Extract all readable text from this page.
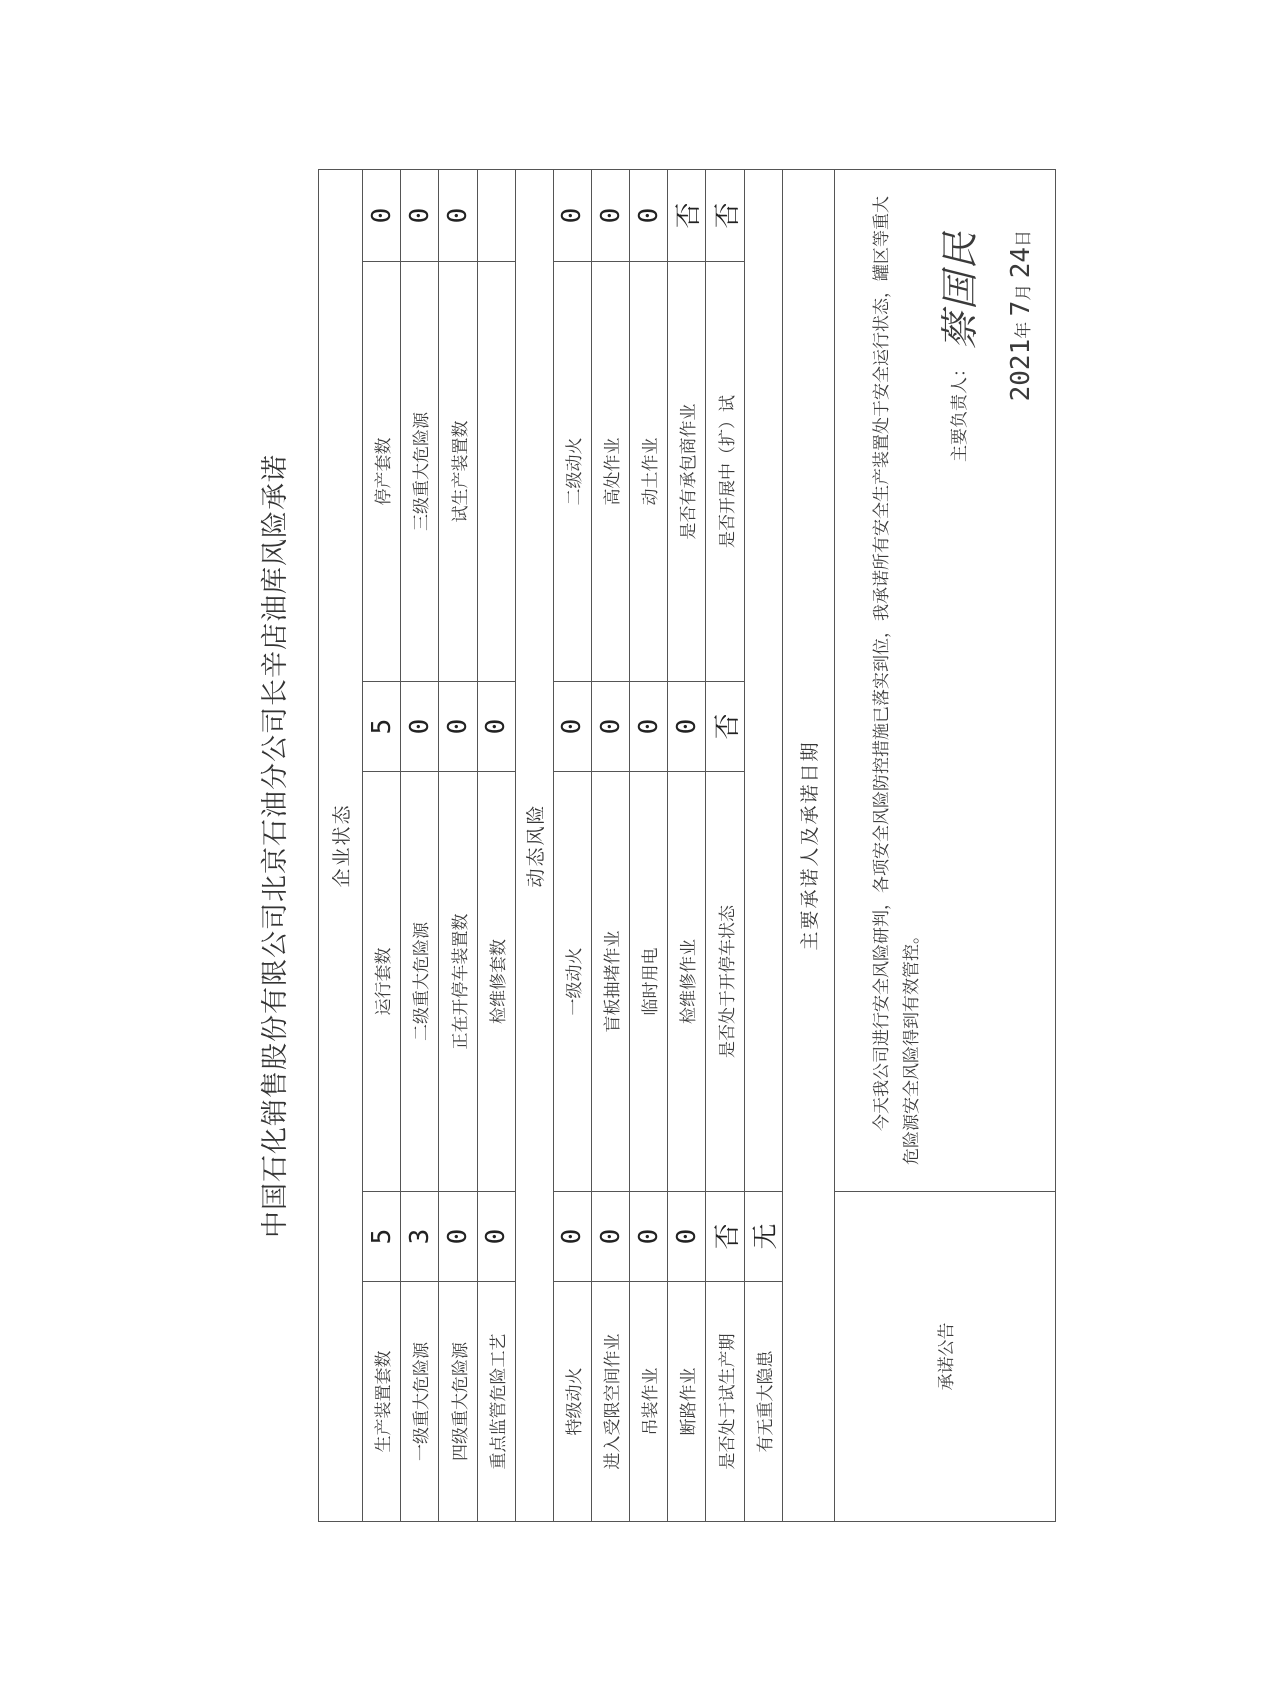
中国石化销售股份有限公司北京石油分公司长辛店油库风险承诺	企业状态					
生产装置套数	5	运行套数	5	停产套数	0
一级重大危险源	3	二级重大危险源	0	三级重大危险源	0
四级重大危险源	0	正在开停车装置数	0	试生产装置数	0
重点监管危险工艺	0	检维修套数	0		
动态风险					
特级动火	0	一级动火	0	二级动火	0
进入受限空间作业	0	盲板抽堵作业	0	高处作业	0
吊装作业	0	临时用电	0	动土作业	0
断路作业	0	检维修作业	0	是否有承包商作业	否
是否处于试生产期	否	是否处于开停车状态	否	是否开展中（扩）试	否
有无重大隐患	无				
主要承诺人及承诺日期					
承诺公告		今天我公司进行安全风险研判，各项安全风险防控措施已落实到位，我承诺所有安全生产装置处于安全运行状态，罐区等重大危险源安全风险得到有效管控。
主要负责人：蔡国民
2021年 7月 24日			
